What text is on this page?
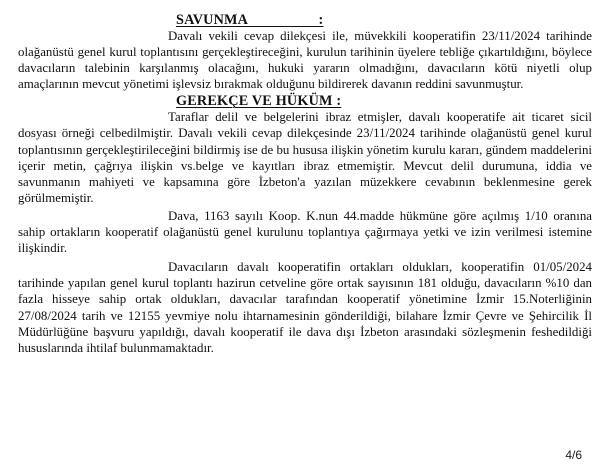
SAVUNMA                   :

Davalı vekili cevap dilekçesi ile, müvekkili kooperatifin 23/11/2024 tarihinde olağanüstü genel kurul toplantısını gerçekleştireceğini, kurulun tarihinin üyelere tebliğe çıkartıldığını, böylece davacıların talebinin karşılanmış olacağını, hukuki yararın olmadığını, davacıların kötü niyetli olup amaçlarının mevcut yönetimi işlevsiz bırakmak olduğunu bildirerek davanın reddini savunmuştur.

GEREKÇE VE HÜKÜM :

Taraflar delil ve belgelerini ibraz etmişler, davalı kooperatife ait ticaret sicil dosyası örneği celbedilmiştir. Davalı vekili cevap dilekçesinde 23/11/2024 tarihinde olağanüstü genel kurul toplantısının gerçekleştirileceğini bildirmiş ise de bu hususa ilişkin yönetim kurulu kararı, gündem maddelerini içerir metin, çağrıya ilişkin vs.belge ve kayıtları ibraz etmemiştir. Mevcut delil durumuna, iddia ve savunmanın mahiyeti ve kapsamına göre İzbeton'a yazılan müzekkere cevabının beklenmesine gerek görülmemiştir.

Dava, 1163 sayılı Koop. K.nun 44.madde hükmüne göre açılmış 1/10 oranına sahip ortakların kooperatif olağanüstü genel kurulunu toplantıya çağırmaya yetki ve izin verilmesi istemine ilişkindir.

Davacıların davalı kooperatifin ortakları oldukları, kooperatifin 01/05/2024 tarihinde yapılan genel kurul toplantı hazirun cetveline göre ortak sayısının 181 olduğu, davacıların %10 dan fazla hisseye sahip ortak oldukları, davacılar tarafından kooperatif yönetimine İzmir 15.Noterliğinin 27/08/2024 tarih ve 12155 yevmiye nolu ihtarnamesinin gönderildiği, bilahare İzmir Çevre ve Şehircilik İl Müdürlüğüne başvuru yapıldığı, davalı kooperatif ile dava dışı İzbeton arasındaki sözleşmenin feshedildiği hususlarında ihtilaf bulunmamaktadır.

4/6
